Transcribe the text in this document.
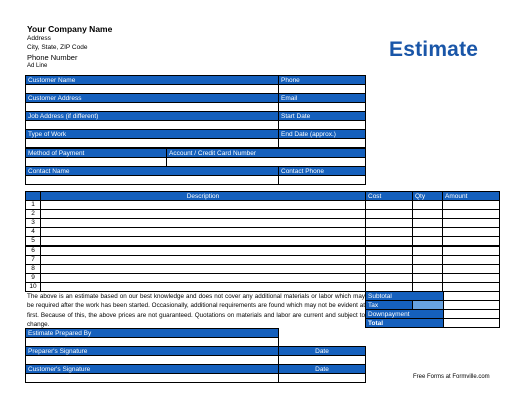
Your Company Name
Address
City, State, ZIP Code
Phone Number
Ad Line
Estimate
Customer Name	Phone
Customer Address	Email
Job Address (if different)	Start Date
Type of Work	End Date (approx.)
Method of Payment	Account / Credit Card Number
Contact Name	Contact Phone
Description	Cost	Qty	Amount
1
2
3
4
5
6
7
8
9
10
The above is an estimate based on our best knowledge and does not cover any additional materials or labor which may be required after the work has been started. Occasionally, additional requirements are found which may not be evident at first. Because of this, the above prices are not guaranteed. Quotations on materials and labor are current and subject to change.
Subtotal
Tax
Downpayment
Total
Estimate Prepared By
Preparer's Signature	Date
Customer's Signature	Date
Free Forms at Formville.com
